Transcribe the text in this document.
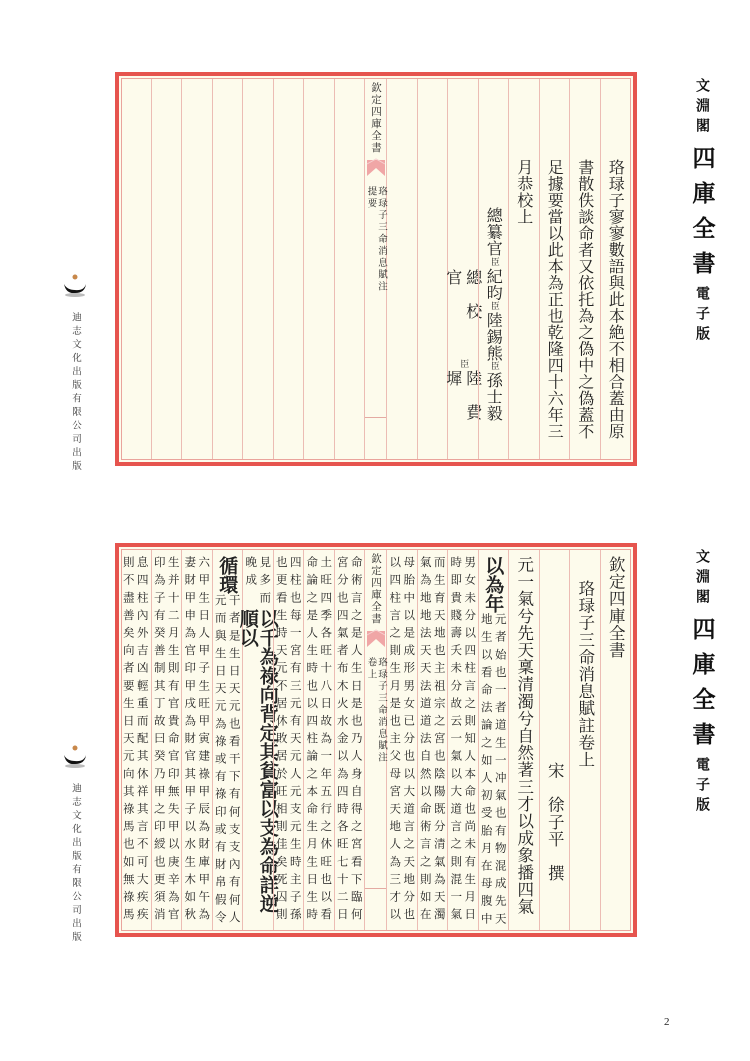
珞琭子寥寥數語與此本絶不相合蓋由原
書散佚談命者又依托為之偽中之偽蓋不
足據要當以此本為正也乾隆四十六年三
月恭校上
總纂官
臣
紀昀
臣
陸錫熊
臣
孫士毅
總校官
臣
陸費墀
欽定四庫全書
珞琭子三命消息賦注
提要
欽定四庫全書
珞琭子三命消息賦註卷上
宋　徐子平　撰
元一氣兮先天稟清濁兮自然著三才以成象播四氣
以為年
元者始也一者道生一冲氣也有物混成先天
地生以看命法論之如人初受胎月在母腹中
男女未分以四柱言之則知人本命也尚未有生月日
時即貴賤壽夭未分故云一氣以大道言之則混一氣
而生育天地也主祖宗之宮也陰陽既分清氣為天濁
氣為地地法天天法道道法自然以命術言之則如在
母胎中以是成形男女已分也以大道言之天地分也
以四柱言之則生月是也主父母宮天地人為三才以
欽定四庫全書
珞琭子三命消息賦注
卷上
命術言之是人生日是也乃人身自得之宮看下臨何
宮分也四氣者布木火水金以為四時各旺七十二日
土旺四季各旺十八日故為一年五行之休旺也以看
命論之是人生時也以四柱論之本命生月生日生時
四柱也每一宮有三元有天元人元支元生時主子孫
也更看生時天元不居休敗居於旺相則佳矣死囚則
見多而
晚成
以千為祿向背定其貧富以支為命詳逆順以
循環
干者是生日天元也看干下有何支支內有何人
元而與生日天元為祿或有祿印或有財帛假令
六甲生日人甲子生旺甲寅建祿甲辰為財庫甲午為
妻財甲申為官印甲戌為財官其甲子以水生木如秋
生并十二月生則有官貴命官印無失甲以庚辛為官
印為子有癸善制其丁故曰癸乃甲之印綬也更須消
息四柱內外吉凶輕重而配其休祥其言不可大疾疾
則不盡善矣向者要生日天元向其祿馬也如無祿馬
迪志文化出版有限公司出版
迪志文化出版有限公司出版
文淵閣
四庫全書
電子版
文淵閣
四庫全書
電子版
2
